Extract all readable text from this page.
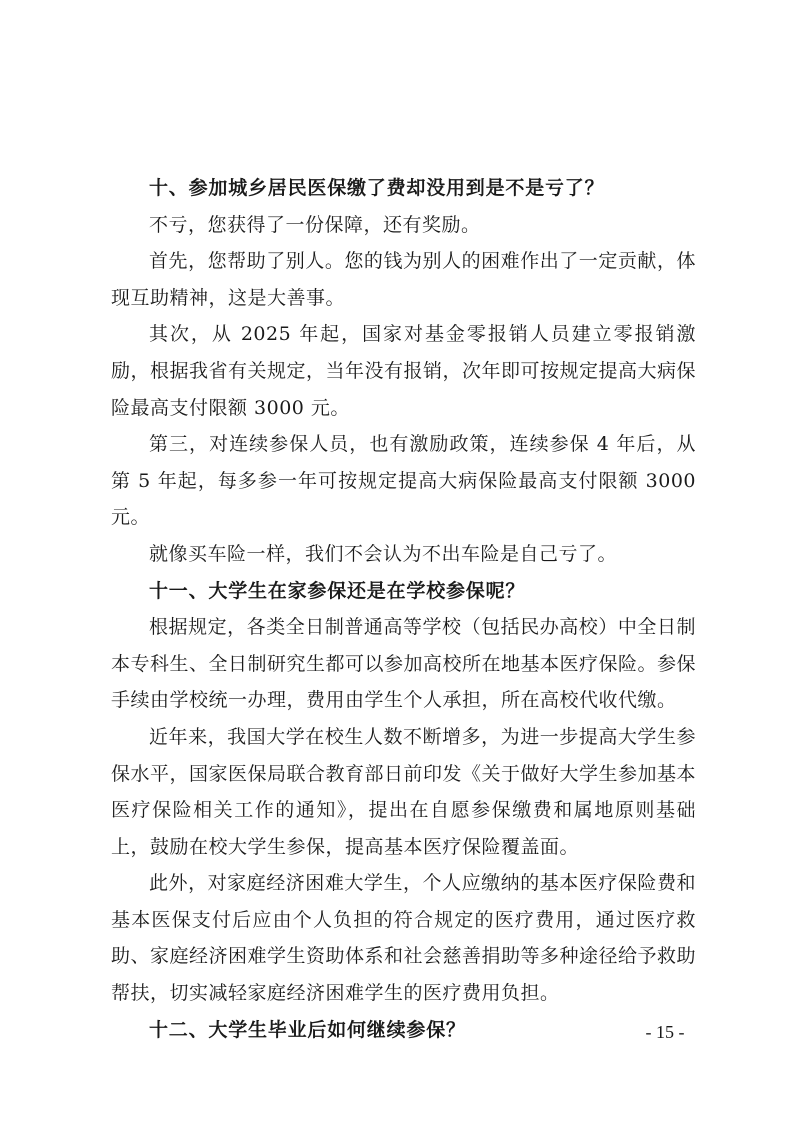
十、参加城乡居民医保缴了费却没用到是不是亏了？

不亏，您获得了一份保障，还有奖励。

首先，您帮助了别人。您的钱为别人的困难作出了一定贡献，体现互助精神，这是大善事。

其次，从 2025 年起，国家对基金零报销人员建立零报销激励，根据我省有关规定，当年没有报销，次年即可按规定提高大病保险最高支付限额 3000 元。

第三，对连续参保人员，也有激励政策，连续参保 4 年后，从第 5 年起，每多参一年可按规定提高大病保险最高支付限额 3000 元。

就像买车险一样，我们不会认为不出车险是自己亏了。

十一、大学生在家参保还是在学校参保呢？

根据规定，各类全日制普通高等学校（包括民办高校）中全日制本专科生、全日制研究生都可以参加高校所在地基本医疗保险。参保手续由学校统一办理，费用由学生个人承担，所在高校代收代缴。

近年来，我国大学在校生人数不断增多，为进一步提高大学生参保水平，国家医保局联合教育部日前印发《关于做好大学生参加基本医疗保险相关工作的通知》，提出在自愿参保缴费和属地原则基础上，鼓励在校大学生参保，提高基本医疗保险覆盖面。

此外，对家庭经济困难大学生，个人应缴纳的基本医疗保险费和基本医保支付后应由个人负担的符合规定的医疗费用，通过医疗救助、家庭经济困难学生资助体系和社会慈善捐助等多种途径给予救助帮扶，切实减轻家庭经济困难学生的医疗费用负担。

十二、大学生毕业后如何继续参保？	- 15 -
